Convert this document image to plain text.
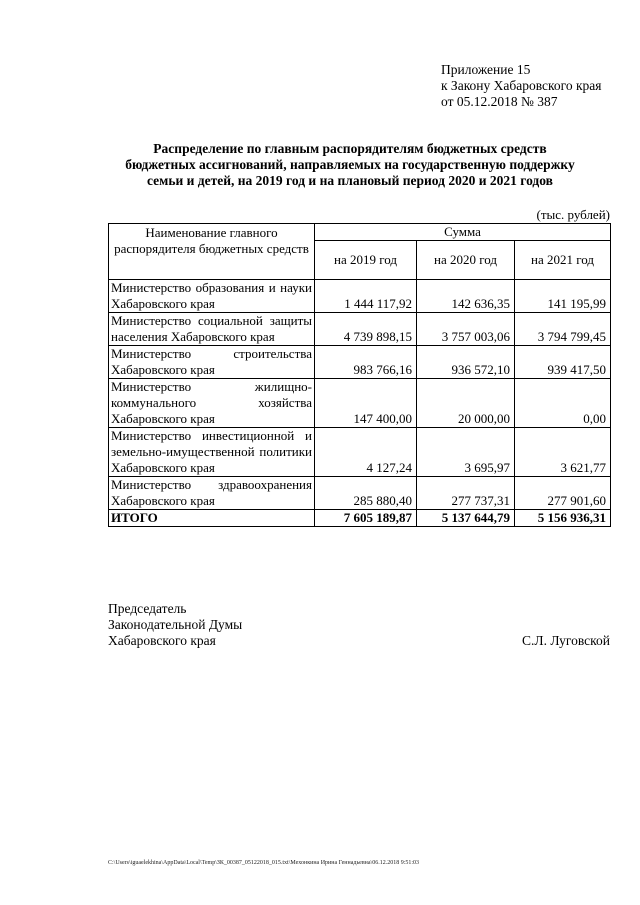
Приложение 15
к Закону Хабаровского края
от 05.12.2018 № 387
Распределение по главным распорядителям бюджетных средств
бюджетных ассигнований, направляемых на государственную поддержку
семьи и детей, на 2019 год и на плановый период 2020 и 2021 годов
(тыс. рублей)
Наименование главного распорядителя бюджетных средств	Сумма		
	на 2019 год	на 2020 год	на 2021 год
Министерство образования и науки Хабаровского края	1 444 117,92	142 636,35	141 195,99
Министерство социальной защиты населения Хабаровского края	4 739 898,15	3 757 003,06	3 794 799,45
Министерство строительства Хабаровского края	983 766,16	936 572,10	939 417,50
Министерство жилищно-коммунального хозяйства Хабаровского края	147 400,00	20 000,00	0,00
Министерство инвестиционной и земельно-имущественной политики Хабаровского края	4 127,24	3 695,97	3 621,77
Министерство здравоохранения Хабаровского края	285 880,40	277 737,31	277 901,60
ИТОГО	7 605 189,87	5 137 644,79	5 156 936,31
Председатель
Законодательной Думы
Хабаровского края	С.Л. Луговской
C:\Users\iguaelekhina\AppData\Local\Temp\ЗК_00387_05122018_015.txt\Мехонкина Ирина Геннадьевна\06.12.2018 9:51:03
